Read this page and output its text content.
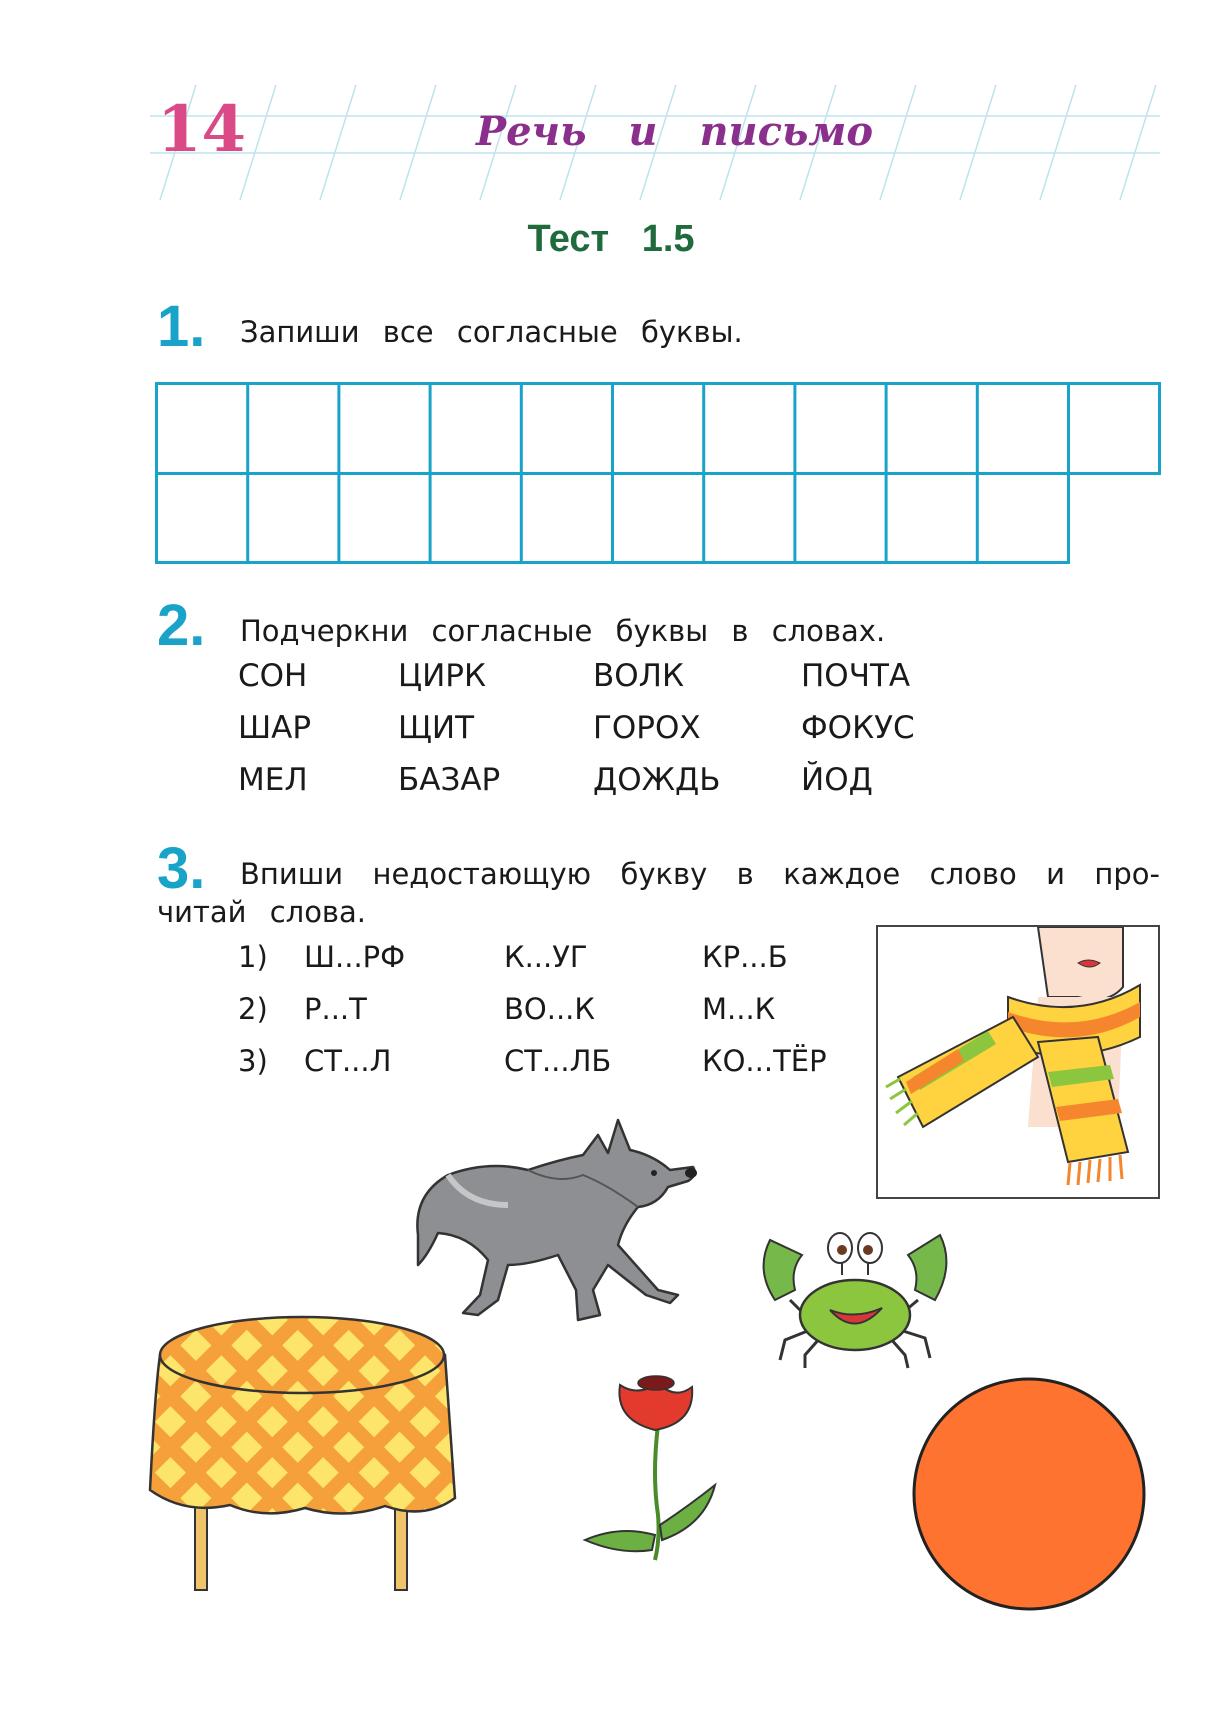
14	Речь и письмо
Тест 1.5
1. Запиши все согласные буквы.
2. Подчеркни согласные буквы в словах.
СОН	ЦИРК	ВОЛК	ПОЧТА
ШАР	ЩИТ	ГОРОХ	ФОКУС
МЕЛ	БАЗАР	ДОЖДЬ	ЙОД
3. Впиши недостающую букву в каждое слово и про-
читай слова.
1)	Ш...РФ	К...УГ	КР...Б
2)	Р...Т	ВО...К	М...К
3)	СТ...Л	СТ...ЛБ	КО...ТЁР
